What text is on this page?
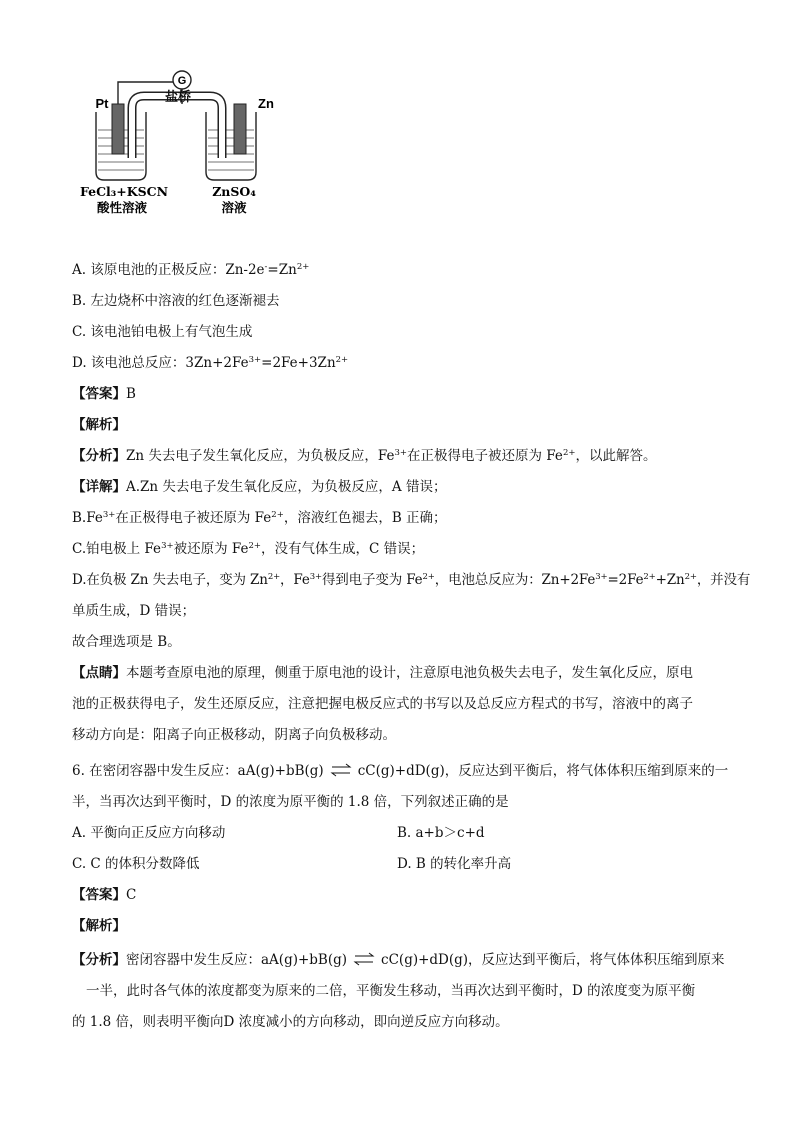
G
盐桥
Pt	Zn
FeCl₃+KSCN
酸性溶液
ZnSO₄
溶液
A. 该原电池的正极反应：$Zn-2e^-=Zn^{2+}$
B. 左边烧杯中溶液的红色逐渐褪去
C. 该电池铂电极上有气泡生成
D. 该电池总反应：$3Zn+2Fe^{3+}=2Fe+3Zn^{2+}$
【答案】B
【解析】
【分析】Zn 失去电子发生氧化反应，为负极反应，$Fe^{3+}$在正极得电子被还原为 $Fe^{2+}$，以此解答。
【详解】A.Zn 失去电子发生氧化反应，为负极反应，A 错误；
$B.Fe^{3+}$在正极得电子被还原为 $Fe^{2+}$，溶液红色褪去，B 正确；
C.铂电极上 $Fe^{3+}$被还原为 $Fe^{2+}$，没有气体生成，C 错误；
D.在负极 Zn 失去电子，变为 $Zn^{2+}$，$Fe^{3+}$得到电子变为 $Fe^{2+}$，电池总反应为：$Zn+2Fe^{3+}=2Fe^{2+}+Zn^{2+}$，并没有
单质生成，D 错误；
故合理选项是 B。
【点睛】本题考查原电池的原理，侧重于原电池的设计，注意原电池负极失去电子，发生氧化反应，原电
池的正极获得电子，发生还原反应，注意把握电极反应式的书写以及总反应方程式的书写，溶液中的离子
移动方向是：阳离子向正极移动，阴离子向负极移动。
6. 在密闭容器中发生反应：aA(g)+bB(g) ⇌ cC(g)+dD(g)，反应达到平衡后，将气体体积压缩到原来的一
半，当再次达到平衡时，D 的浓度为原平衡的 1.8 倍，下列叙述正确的是
A. 平衡向正反应方向移动	B. a+b＞c+d
C. C 的体积分数降低	D. B 的转化率升高
【答案】C
【解析】
【分析】密闭容器中发生反应：aA(g)+bB(g) ⇌ cC(g)+dD(g)，反应达到平衡后，将气体体积压缩到原来
一半，此时各气体的浓度都变为原来的二倍，平衡发生移动，当再次达到平衡时，D 的浓度变为原平衡
的 1.8 倍，则表明平衡向D 浓度减小的方向移动，即向逆反应方向移动。
